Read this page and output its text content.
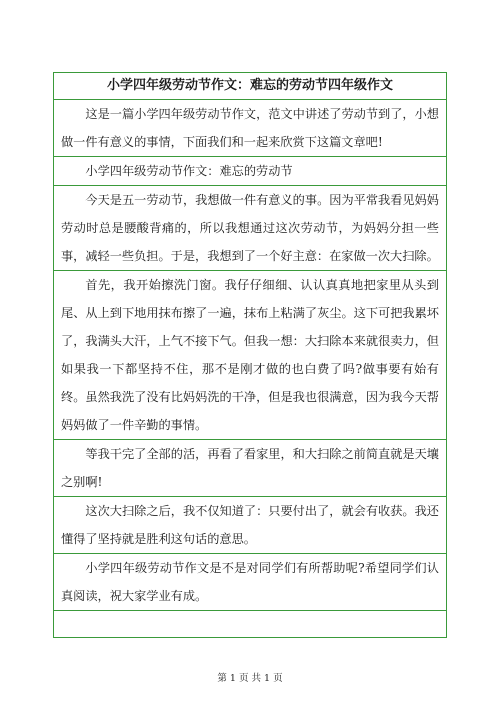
小学四年级劳动节作文：难忘的劳动节四年级作文
这是一篇小学四年级劳动节作文，范文中讲述了劳动节到了，小想做一件有意义的事情，下面我们和一起来欣赏下这篇文章吧!
小学四年级劳动节作文：难忘的劳动节
今天是五一劳动节，我想做一件有意义的事。因为平常我看见妈妈劳动时总是腰酸背痛的，所以我想通过这次劳动节，为妈妈分担一些事，减轻一些负担。于是，我想到了一个好主意：在家做一次大扫除。
首先，我开始擦洗门窗。我仔仔细细、认认真真地把家里从头到尾、从上到下地用抹布擦了一遍，抹布上粘满了灰尘。这下可把我累坏了，我满头大汗，上气不接下气。但我一想：大扫除本来就很卖力，但如果我一下都坚持不住，那不是刚才做的也白费了吗?做事要有始有终。虽然我洗了没有比妈妈洗的干净，但是我也很满意，因为我今天帮妈妈做了一件辛勤的事情。
等我干完了全部的活，再看了看家里，和大扫除之前简直就是天壤之别啊!
这次大扫除之后，我不仅知道了：只要付出了，就会有收获。我还懂得了坚持就是胜利这句话的意思。
小学四年级劳动节作文是不是对同学们有所帮助呢?希望同学们认真阅读，祝大家学业有成。
第 1 页 共 1 页
